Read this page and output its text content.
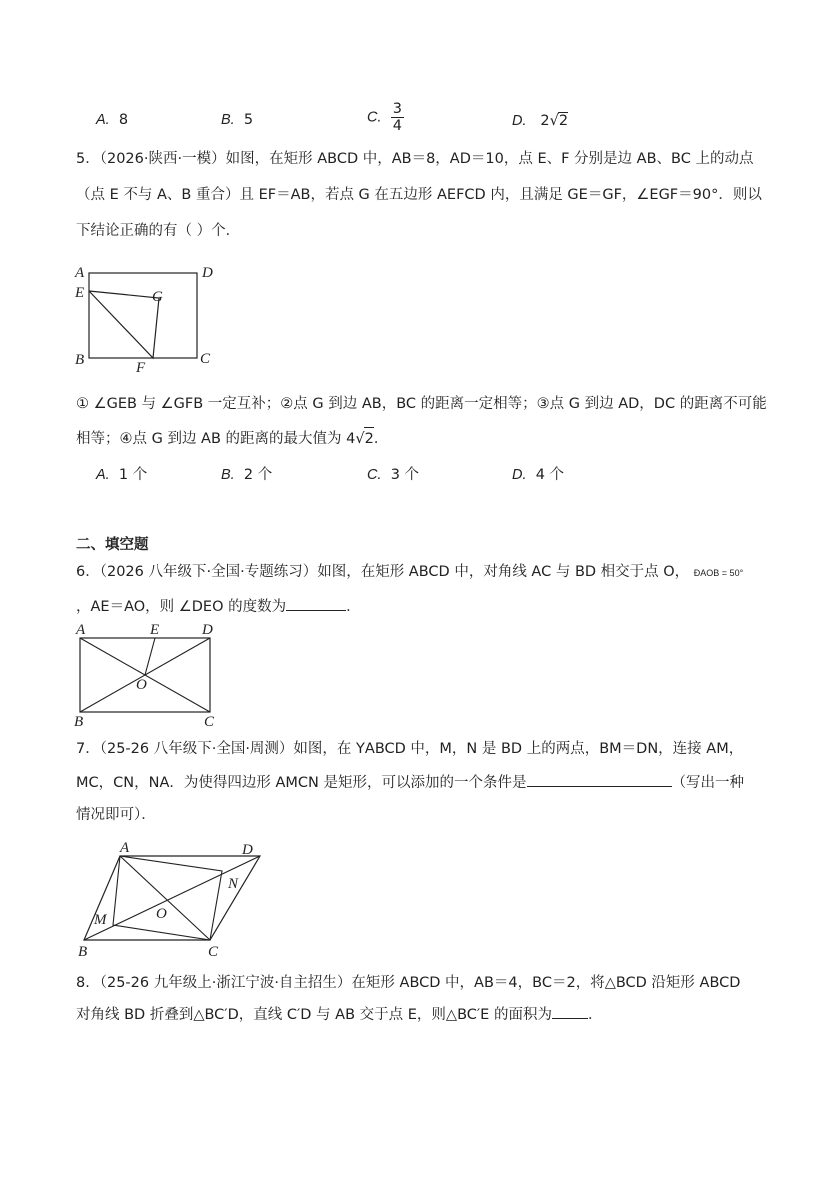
A. 8	B. 5	C. $\frac{3}{4}$	D. 2√2
5．（2026·陕西·一模）如图，在矩形 ABCD 中，AB＝8，AD＝10，点 E、F 分别是边 AB、BC 上的动点
（点 E 不与 A、B 重合）且 EF＝AB，若点 G 在五边形 AEFCD 内，且满足 GE＝GF，∠EGF＝90°．则以
下结论正确的有（ ）个．
A	D
E	G
B	C
F
① ∠GEB 与 ∠GFB 一定互补；②点 G 到边 AB，BC 的距离一定相等；③点 G 到边 AD，DC 的距离不可能
相等；④点 G 到边 AB 的距离的最大值为 4√2．
A. 1 个	B. 2 个	C. 3 个	D. 4 个
二、填空题
6．（2026 八年级下·全国·专题练习）如图，在矩形 ABCD 中，对角线 AC 与 BD 相交于点 O， ÐAOB = 50°
，AE＝AO，则 ∠DEO 的度数为	．
A	E	D
O
B	C
7．（25-26 八年级下·全国·周测）如图，在 ΥABCD 中，M，N 是 BD 上的两点，BM＝DN，连接 AM，
MC，CN，NA．为使得四边形 AMCN 是矩形，可以添加的一个条件是	（写出一种
情况即可）．
A	D
N
M	O
B	C
8．（25-26 九年级上·浙江宁波·自主招生）在矩形 ABCD 中，AB＝4，BC＝2，将△BCD 沿矩形 ABCD
对角线 BD 折叠到△BC′D，直线 C′D 与 AB 交于点 E，则△BC′E 的面积为 ．
